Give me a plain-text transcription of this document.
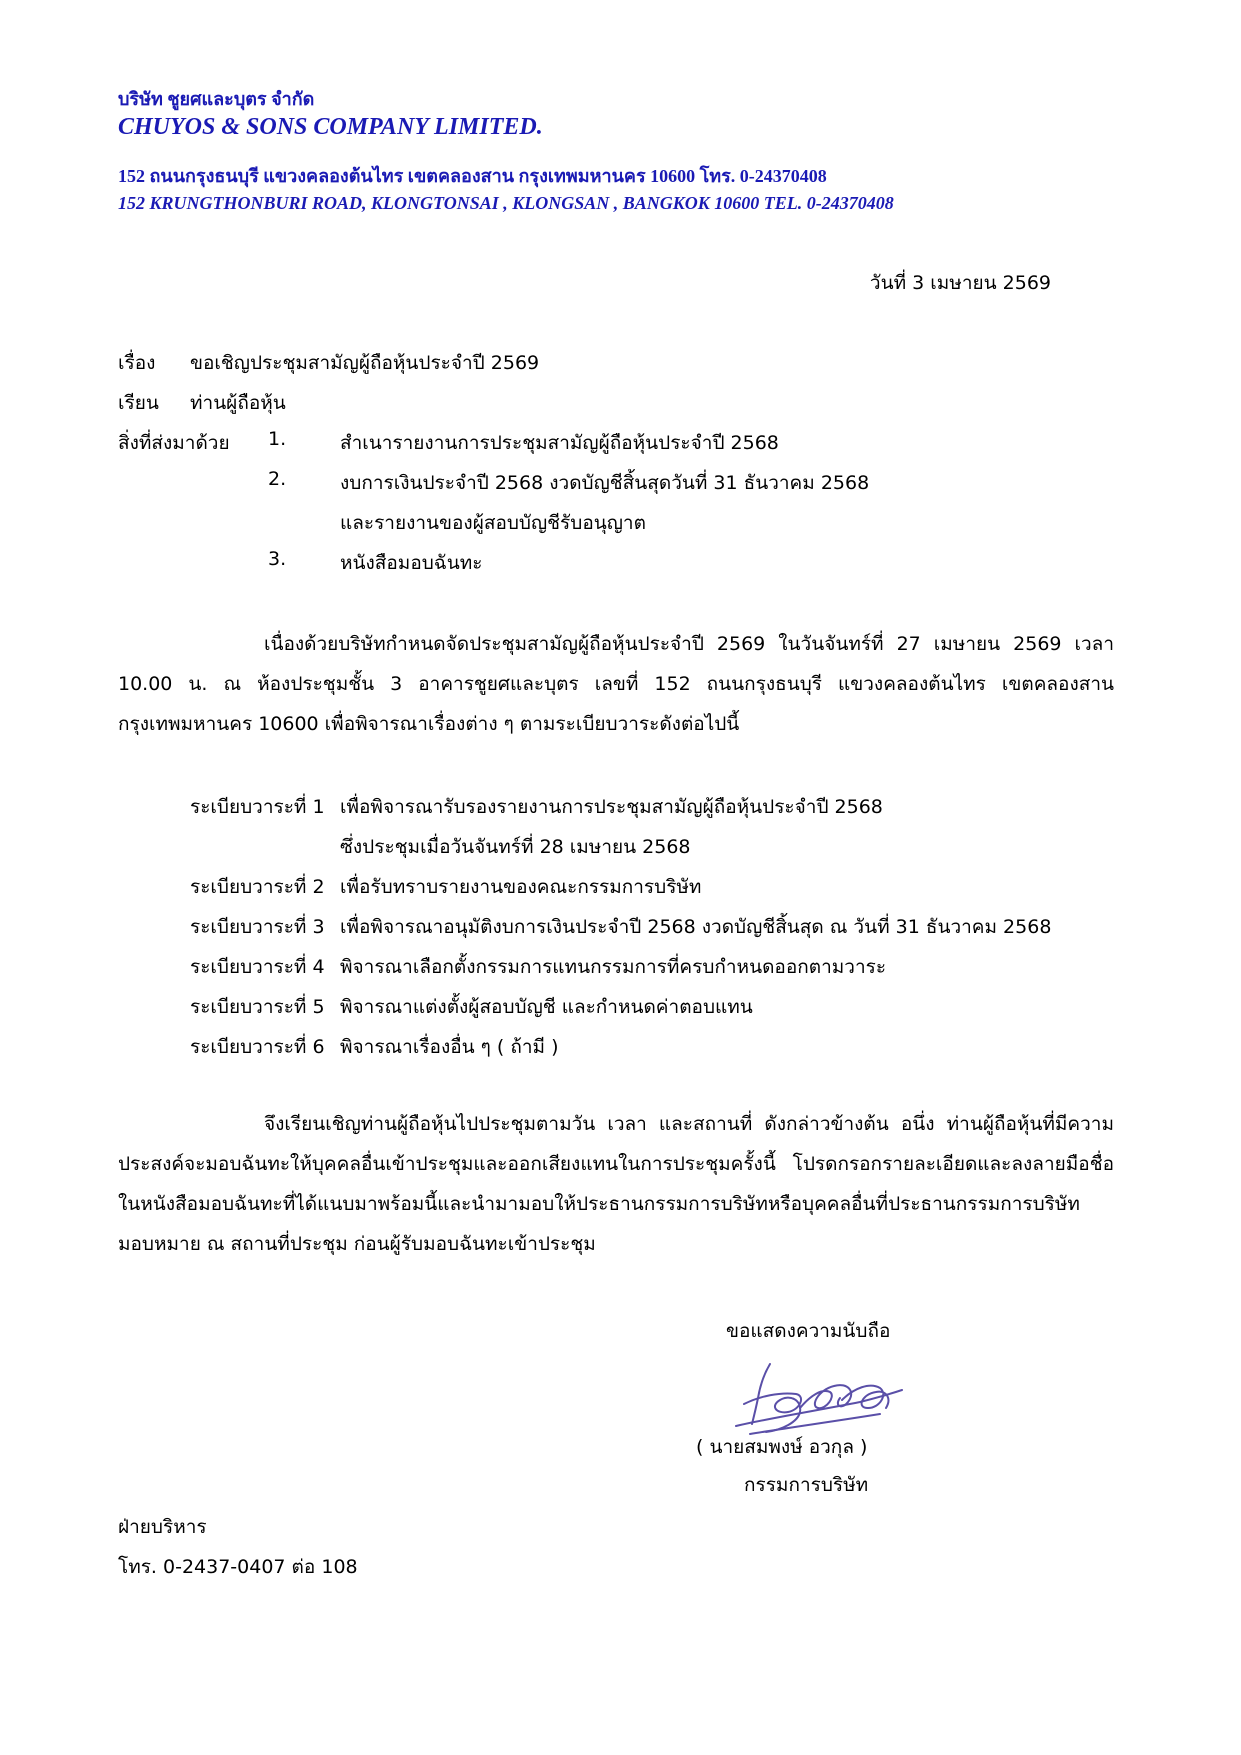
บริษัท ชูยศและบุตร จำกัด
CHUYOS & SONS COMPANY LIMITED.
152 ถนนกรุงธนบุรี แขวงคลองต้นไทร เขตคลองสาน กรุงเทพมหานคร 10600 โทร. 0-24370408
152 KRUNGTHONBURI ROAD, KLONGTONSAI , KLONGSAN , BANGKOK 10600 TEL. 0-24370408
วันที่ 3 เมษายน 2569
เรื่อง ขอเชิญประชุมสามัญผู้ถือหุ้นประจำปี 2569
เรียน ท่านผู้ถือหุ้น
สิ่งที่ส่งมาด้วย 1.	สำเนารายงานการประชุมสามัญผู้ถือหุ้นประจำปี 2568
2.	งบการเงินประจำปี 2568 งวดบัญชีสิ้นสุดวันที่ 31 ธันวาคม 2568
และรายงานของผู้สอบบัญชีรับอนุญาต
3.	หนังสือมอบฉันทะ
เนื่องด้วยบริษัทกำหนดจัดประชุมสามัญผู้ถือหุ้นประจำปี 2569 ในวันจันทร์ที่ 27 เมษายน 2569 เวลา 10.00 น. ณ ห้องประชุมชั้น 3 อาคารชูยศและบุตร เลขที่ 152 ถนนกรุงธนบุรี แขวงคลองต้นไทร เขตคลองสาน กรุงเทพมหานคร 10600 เพื่อพิจารณาเรื่องต่าง ๆ ตามระเบียบวาระดังต่อไปนี้
ระเบียบวาระที่ 1 เพื่อพิจารณารับรองรายงานการประชุมสามัญผู้ถือหุ้นประจำปี 2568
ซึ่งประชุมเมื่อวันจันทร์ที่ 28 เมษายน 2568
ระเบียบวาระที่ 2 เพื่อรับทราบรายงานของคณะกรรมการบริษัท
ระเบียบวาระที่ 3 เพื่อพิจารณาอนุมัติงบการเงินประจำปี 2568 งวดบัญชีสิ้นสุด ณ วันที่ 31 ธันวาคม 2568
ระเบียบวาระที่ 4 พิจารณาเลือกตั้งกรรมการแทนกรรมการที่ครบกำหนดออกตามวาระ
ระเบียบวาระที่ 5 พิจารณาแต่งตั้งผู้สอบบัญชี และกำหนดค่าตอบแทน
ระเบียบวาระที่ 6 พิจารณาเรื่องอื่น ๆ ( ถ้ามี )
จึงเรียนเชิญท่านผู้ถือหุ้นไปประชุมตามวัน เวลา และสถานที่ ดังกล่าวข้างต้น อนึ่ง ท่านผู้ถือหุ้นที่มีความประสงค์จะมอบฉันทะให้บุคคลอื่นเข้าประชุมและออกเสียงแทนในการประชุมครั้งนี้ โปรดกรอกรายละเอียดและลงลายมือชื่อในหนังสือมอบฉันทะที่ได้แนบมาพร้อมนี้และนำมามอบให้ประธานกรรมการบริษัทหรือบุคคลอื่นที่ประธานกรรมการบริษัทมอบหมาย ณ สถานที่ประชุม ก่อนผู้รับมอบฉันทะเข้าประชุม
ขอแสดงความนับถือ
( นายสมพงษ์ อวกุล )
กรรมการบริษัท
ฝ่ายบริหาร
โทร. 0-2437-0407 ต่อ 108
